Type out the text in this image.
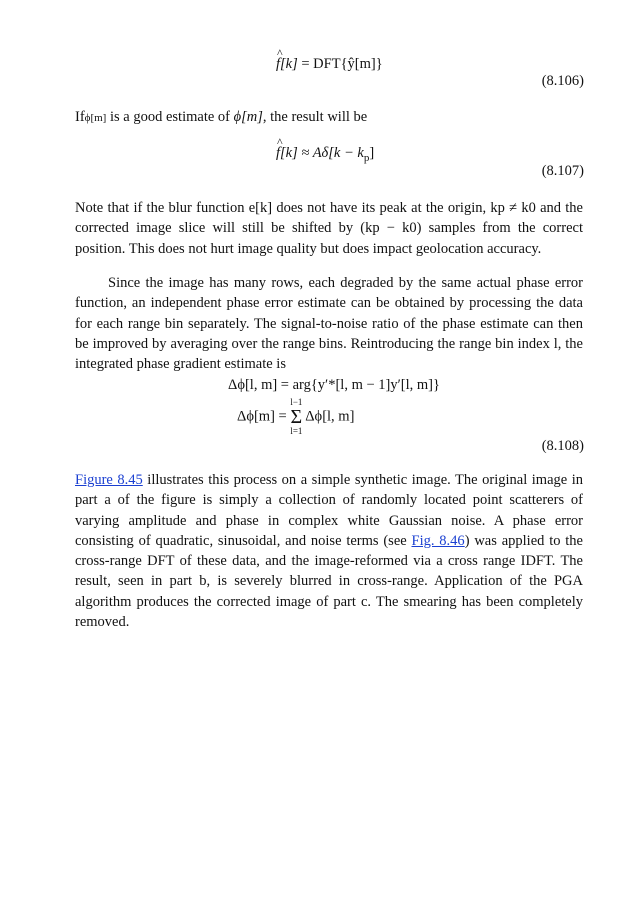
^ f[k] = DFT{ŷ[m]}
(8.106)

Ifϕ[m] is a good estimate of ϕ[m], the result will be

^ $f[k] \approx A\delta[k - k_p]$
(8.107)

Note that if the blur function e[k] does not have its peak at the origin, kp ≠ k0 and the corrected image slice will still be shifted by (kp − k0) samples from the correct position. This does not hurt image quality but does impact geolocation accuracy.

Since the image has many rows, each degraded by the same actual phase error function, an independent phase error estimate can be obtained by processing the data for each range bin separately. The signal-to-noise ratio of the phase estimate can then be improved by averaging over the range bins. Reintroducing the range bin index l, the integrated phase gradient estimate is

Δϕ[l, m] = arg{y′*[l, m − 1]y′[l, m]}
Δϕ[m] =
l−1
Σ
l=1
Δϕ[l, m]
(8.108)

Figure 8.45 illustrates this process on a simple synthetic image. The original image in part a of the figure is simply a collection of randomly located point scatterers of varying amplitude and phase in complex white Gaussian noise. A phase error consisting of quadratic, sinusoidal, and noise terms (see Fig. 8.46) was applied to the cross-range DFT of these data, and the image-reformed via a cross range IDFT. The result, seen in part b, is severely blurred in cross-range. Application of the PGA algorithm produces the corrected image of part c. The smearing has been completely removed.
